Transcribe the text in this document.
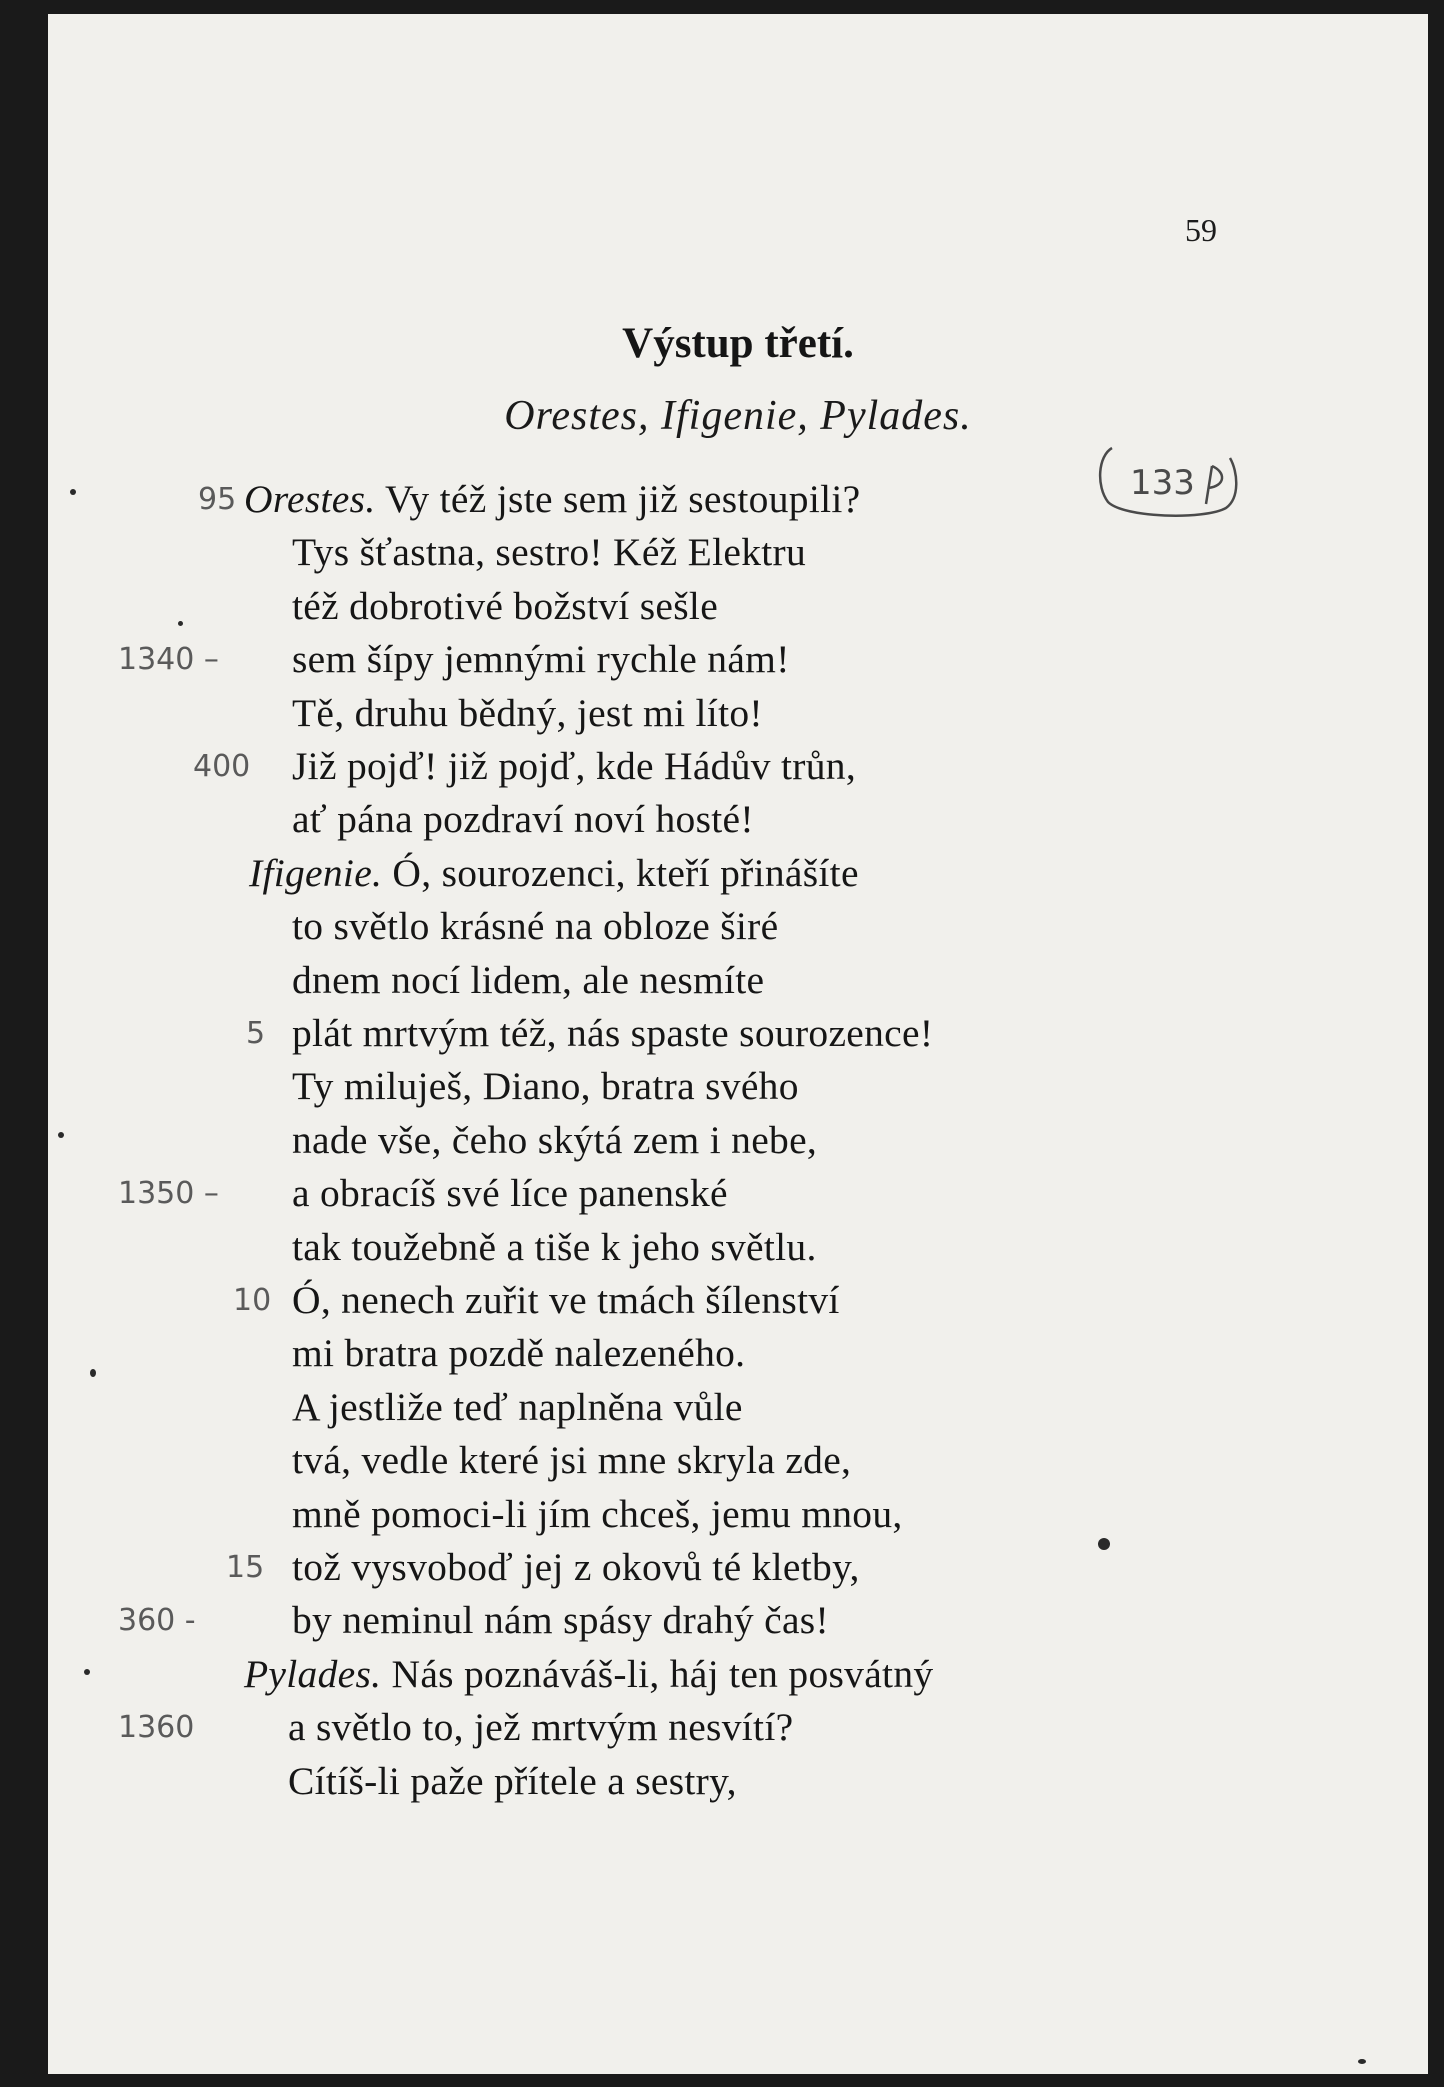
59
Výstup třetí.
Orestes, Ifigenie, Pylades.
133
Orestes. Vy též jste sem již sestoupili?
95
Tys šťastna, sestro! Kéž Elektru
též dobrotivé božství sešle
sem šípy jemnými rychle nám!
1340 –
Tě, druhu bědný, jest mi líto!
Již pojď! již pojď, kde Hádův trůn,
400
ať pána pozdraví noví hosté!
Ifigenie. Ó, sourozenci, kteří přinášíte
to světlo krásné na obloze širé
dnem nocí lidem, ale nesmíte
plát mrtvým též, nás spaste sourozence!
5
Ty miluješ, Diano, bratra svého
nade vše, čeho skýtá zem i nebe,
a obracíš své líce panenské
1350 –
tak toužebně a tiše k jeho světlu.
Ó, nenech zuřit ve tmách šílenství
10
mi bratra pozdě nalezeného.
A jestliže teď naplněna vůle
tvá, vedle které jsi mne skryla zde,
mně pomoci-li jím chceš, jemu mnou,
tož vysvoboď jej z okovů té kletby,
15
by neminul nám spásy drahý čas!
360 -
Pylades. Nás poznáváš-li, háj ten posvátný
a světlo to, jež mrtvým nesvítí?
1360
Cítíš-li paže přítele a sestry,
